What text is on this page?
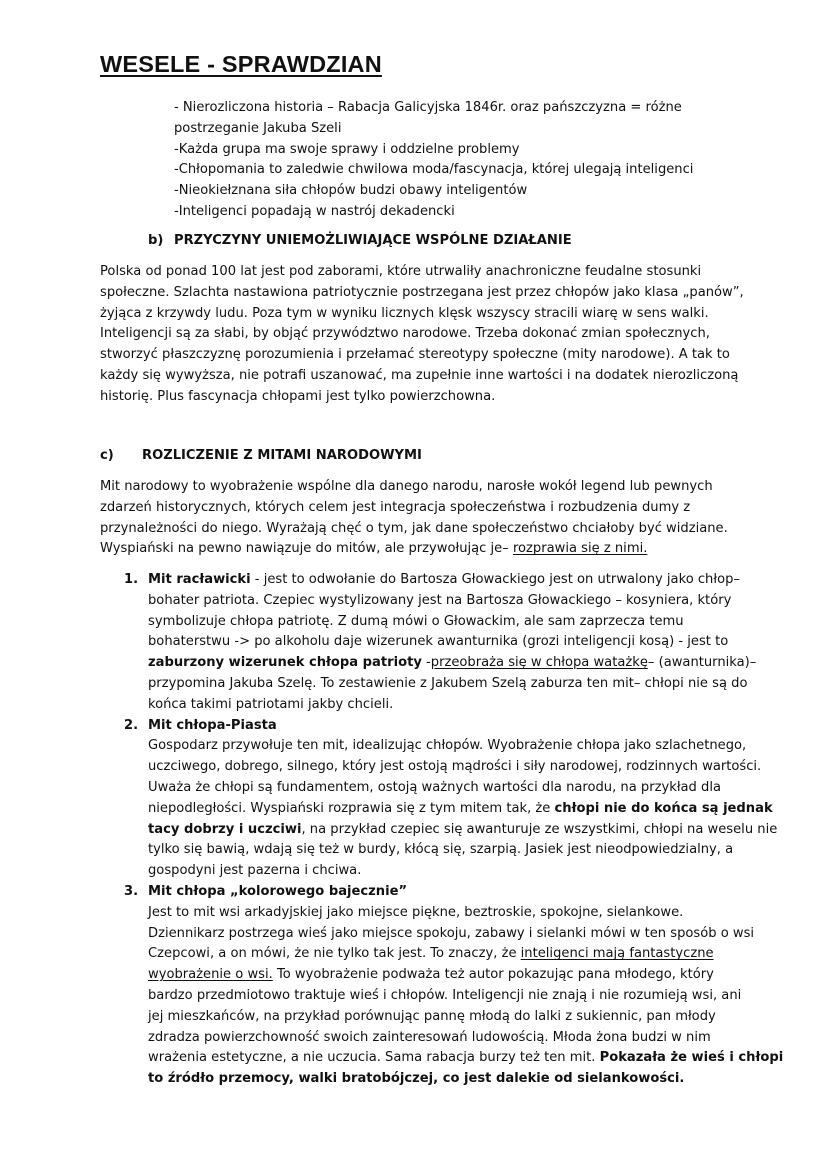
WESELE - SPRAWDZIAN
- Nierozliczona historia – Rabacja Galicyjska 1846r. oraz pańszczyzna = różne
postrzeganie Jakuba Szeli
-Każda grupa ma swoje sprawy i oddzielne problemy
-Chłopomania to zaledwie chwilowa moda/fascynacja, której ulegają inteligenci
-Nieokiełznana siła chłopów budzi obawy inteligentów
-Inteligenci popadają w nastrój dekadencki
b) PRZYCZYNY UNIEMOŻLIWIAJĄCE WSPÓLNE DZIAŁANIE
Polska od ponad 100 lat jest pod zaborami, które utrwaliły anachroniczne feudalne stosunki
społeczne. Szlachta nastawiona patriotycznie postrzegana jest przez chłopów jako klasa „panów”,
żyjąca z krzywdy ludu. Poza tym w wyniku licznych klęsk wszyscy stracili wiarę w sens walki.
Inteligencji są za słabi, by objąć przywództwo narodowe. Trzeba dokonać zmian społecznych,
stworzyć płaszczyznę porozumienia i przełamać stereotypy społeczne (mity narodowe). A tak to
każdy się wywyższa, nie potrafi uszanować, ma zupełnie inne wartości i na dodatek nierozliczoną
historię. Plus fascynacja chłopami jest tylko powierzchowna.
c) ROZLICZENIE Z MITAMI NARODOWYMI
Mit narodowy to wyobrażenie wspólne dla danego narodu, narosłe wokół legend lub pewnych
zdarzeń historycznych, których celem jest integracja społeczeństwa i rozbudzenia dumy z
przynależności do niego. Wyrażają chęć o tym, jak dane społeczeństwo chciałoby być widziane.
Wyspiański na pewno nawiązuje do mitów, ale przywołując je– rozprawia się z nimi.
1. Mit racławicki - jest to odwołanie do Bartosza Głowackiego jest on utrwalony jako chłop–
bohater patriota. Czepiec wystylizowany jest na Bartosza Głowackiego – kosyniera, który
symbolizuje chłopa patriotę. Z dumą mówi o Głowackim, ale sam zaprzecza temu
bohaterstwu -> po alkoholu daje wizerunek awanturnika (grozi inteligencji kosą) - jest to
zaburzony wizerunek chłopa patrioty -przeobraża się w chłopa watażkę– (awanturnika)–
przypomina Jakuba Szelę. To zestawienie z Jakubem Szelą zaburza ten mit– chłopi nie są do
końca takimi patriotami jakby chcieli.
2. Mit chłopa-Piasta
Gospodarz przywołuje ten mit, idealizując chłopów. Wyobrażenie chłopa jako szlachetnego,
uczciwego, dobrego, silnego, który jest ostoją mądrości i siły narodowej, rodzinnych wartości.
Uważa że chłopi są fundamentem, ostoją ważnych wartości dla narodu, na przykład dla
niepodległości. Wyspiański rozprawia się z tym mitem tak, że chłopi nie do końca są jednak
tacy dobrzy i uczciwi, na przykład czepiec się awanturuje ze wszystkimi, chłopi na weselu nie
tylko się bawią, wdają się też w burdy, kłócą się, szarpią. Jasiek jest nieodpowiedzialny, a
gospodyni jest pazerna i chciwa.
3. Mit chłopa „kolorowego bajecznie”
Jest to mit wsi arkadyjskiej jako miejsce piękne, beztroskie, spokojne, sielankowe.
Dziennikarz postrzega wieś jako miejsce spokoju, zabawy i sielanki mówi w ten sposób o wsi
Czepcowi, a on mówi, że nie tylko tak jest. To znaczy, że inteligenci mają fantastyczne
wyobrażenie o wsi. To wyobrażenie podważa też autor pokazując pana młodego, który
bardzo przedmiotowo traktuje wieś i chłopów. Inteligencji nie znają i nie rozumieją wsi, ani
jej mieszkańców, na przykład porównując pannę młodą do lalki z sukiennic, pan młody
zdradza powierzchowność swoich zainteresowań ludowością. Młoda żona budzi w nim
wrażenia estetyczne, a nie uczucia. Sama rabacja burzy też ten mit. Pokazała że wieś i chłopi
to źródło przemocy, walki bratobójczej, co jest dalekie od sielankowości.
